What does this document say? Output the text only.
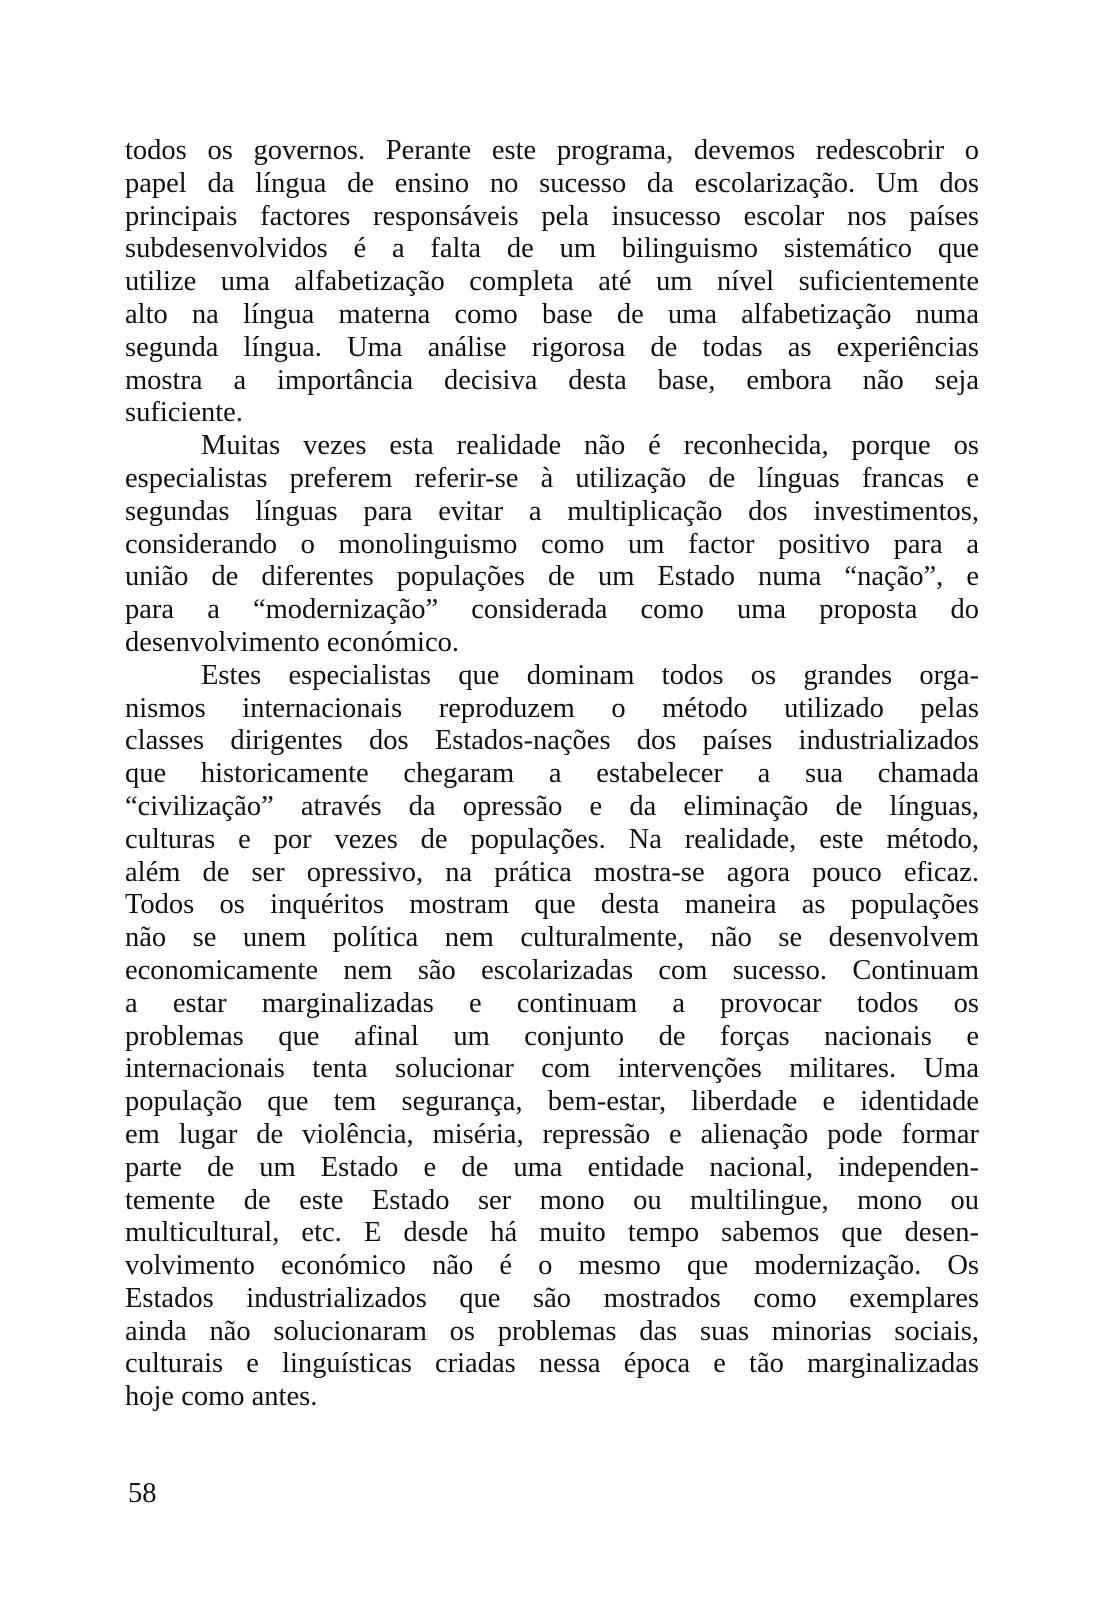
todos os governos. Perante este programa, devemos redescobrir o
papel da língua de ensino no sucesso da escolarização. Um dos
principais factores responsáveis pela insucesso escolar nos países
subdesenvolvidos é a falta de um bilinguismo sistemático que
utilize uma alfabetização completa até um nível suficientemente
alto na língua materna como base de uma alfabetização numa
segunda língua. Uma análise rigorosa de todas as experiências
mostra a importância decisiva desta base, embora não seja
suficiente.
Muitas vezes esta realidade não é reconhecida, porque os
especialistas preferem referir-se à utilização de línguas francas e
segundas línguas para evitar a multiplicação dos investimentos,
considerando o monolinguismo como um factor positivo para a
união de diferentes populações de um Estado numa “nação”, e
para a “modernização” considerada como uma proposta do
desenvolvimento económico.
Estes especialistas que dominam todos os grandes orga-
nismos internacionais reproduzem o método utilizado pelas
classes dirigentes dos Estados-nações dos países industrializados
que historicamente chegaram a estabelecer a sua chamada
“civilização” através da opressão e da eliminação de línguas,
culturas e por vezes de populações. Na realidade, este método,
além de ser opressivo, na prática mostra-se agora pouco eficaz.
Todos os inquéritos mostram que desta maneira as populações
não se unem política nem culturalmente, não se desenvolvem
economicamente nem são escolarizadas com sucesso. Continuam
a estar marginalizadas e continuam a provocar todos os
problemas que afinal um conjunto de forças nacionais e
internacionais tenta solucionar com intervenções militares. Uma
população que tem segurança, bem-estar, liberdade e identidade
em lugar de violência, miséria, repressão e alienação pode formar
parte de um Estado e de uma entidade nacional, independen-
temente de este Estado ser mono ou multilingue, mono ou
multicultural, etc. E desde há muito tempo sabemos que desen-
volvimento económico não é o mesmo que modernização. Os
Estados industrializados que são mostrados como exemplares
ainda não solucionaram os problemas das suas minorias sociais,
culturais e linguísticas criadas nessa época e tão marginalizadas
hoje como antes.
58
